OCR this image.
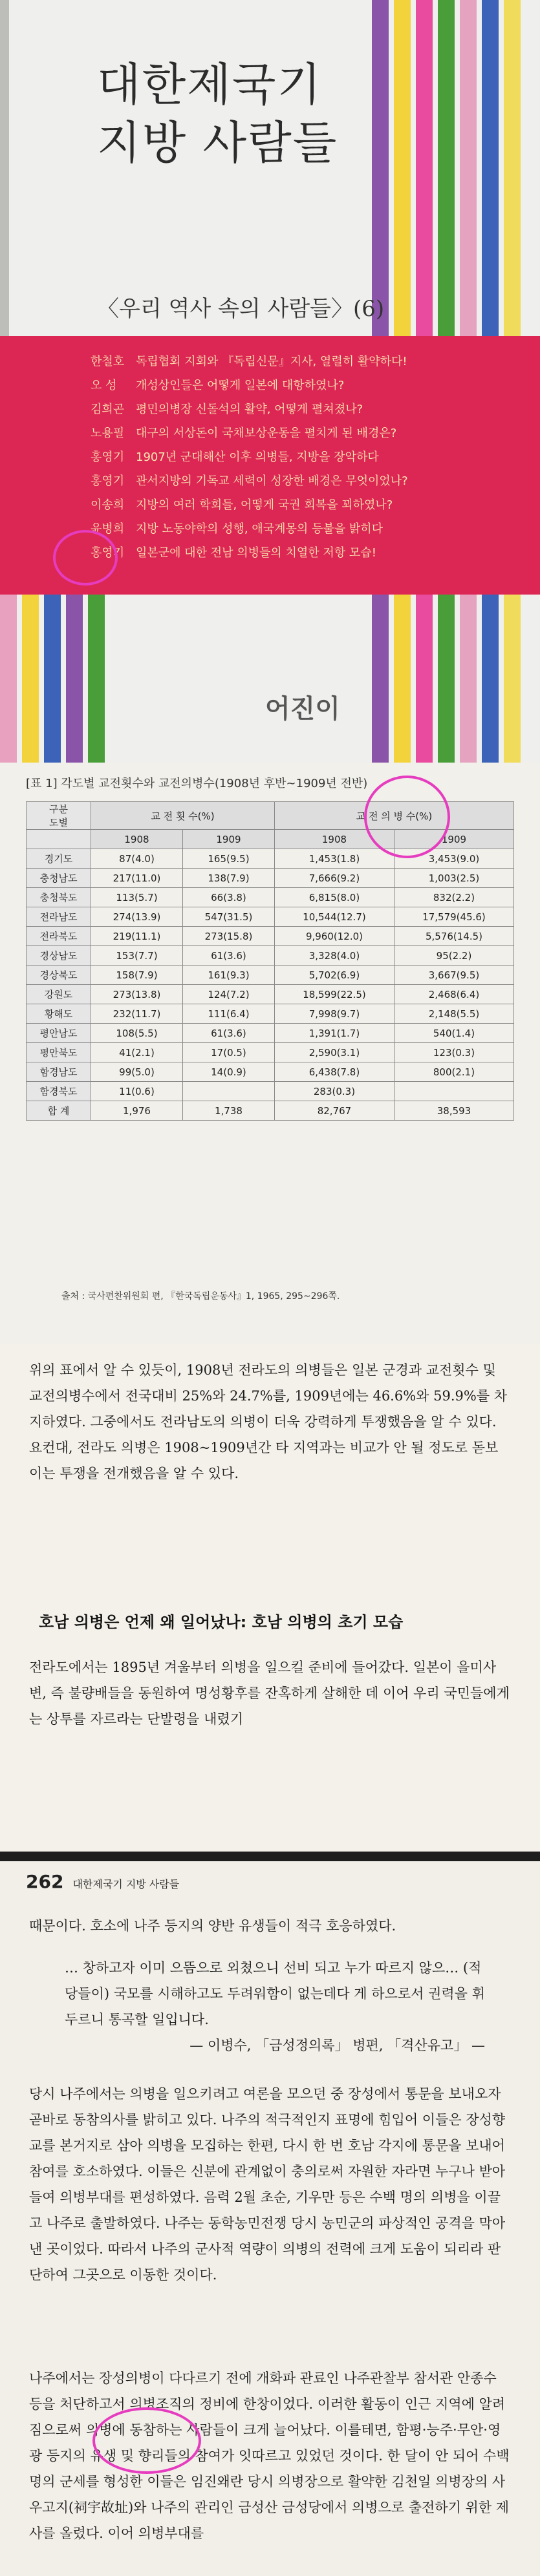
대한제국기
지방 사람들
〈우리 역사 속의 사람들〉(6)
한철호 독립협회 지회와 『독립신문』지사, 열렬히 활약하다!
오 성 개성상인들은 어떻게 일본에 대항하였나?
김희곤 평민의병장 신돌석의 활약, 어떻게 펼쳐졌나?
노용필 대구의 서상돈이 국채보상운동을 펼치게 된 배경은?
홍영기 1907년 군대해산 이후 의병들, 지방을 장악하다
홍영기 관서지방의 기독교 세력이 성장한 배경은 무엇이었나?
이송희 지방의 여러 학회들, 어떻게 국권 회복을 꾀하였나?
윤병희 지방 노동야학의 성행, 애국계몽의 등불을 밝히다
홍영기 일본군에 대한 전남 의병들의 치열한 저항 모습!
어진이
[표 1] 각도별 교전횟수와 교전의병수(1908년 후반~1909년 전반)
구분
도별	교 전 횟 수(%)		교 전 의 병 수(%)	
	1908	1909	1908	1909
경기도	87(4.0)	165(9.5)	1,453(1.8)	3,453(9.0)
충청남도	217(11.0)	138(7.9)	7,666(9.2)	1,003(2.5)
충청북도	113(5.7)	66(3.8)	6,815(8.0)	832(2.2)
전라남도	274(13.9)	547(31.5)	10,544(12.7)	17,579(45.6)
전라북도	219(11.1)	273(15.8)	9,960(12.0)	5,576(14.5)
경상남도	153(7.7)	61(3.6)	3,328(4.0)	95(2.2)
경상북도	158(7.9)	161(9.3)	5,702(6.9)	3,667(9.5)
강원도	273(13.8)	124(7.2)	18,599(22.5)	2,468(6.4)
황해도	232(11.7)	111(6.4)	7,998(9.7)	2,148(5.5)
평안남도	108(5.5)	61(3.6)	1,391(1.7)	540(1.4)
평안북도	41(2.1)	17(0.5)	2,590(3.1)	123(0.3)
함경남도	99(5.0)	14(0.9)	6,438(7.8)	800(2.1)
함경북도	11(0.6)		283(0.3)	
합 계	1,976	1,738	82,767	38,593
출처 : 국사편찬위원회 편, 『한국독립운동사』1, 1965, 295~296쪽.
위의 표에서 알 수 있듯이, 1908년 전라도의 의병들은 일본 군경과 교전횟수 및 교전의병수에서 전국대비 25%와 24.7%를, 1909년에는 46.6%와 59.9%를 차지하였다. 그중에서도 전라남도의 의병이 더욱 강력하게 투쟁했음을 알 수 있다. 요컨대, 전라도 의병은 1908~1909년간 타 지역과는 비교가 안 될 정도로 돋보이는 투쟁을 전개했음을 알 수 있다.
호남 의병은 언제 왜 일어났나: 호남 의병의 초기 모습
전라도에서는 1895년 겨울부터 의병을 일으킬 준비에 들어갔다. 일본이 을미사변, 즉 불량배들을 동원하여 명성황후를 잔혹하게 살해한 데 이어 우리 국민들에게는 상투를 자르라는 단발령을 내렸기
262 대한제국기 지방 사람들
때문이다. 호소에 나주 등지의 양반 유생들이 적극 호응하였다.
… 창하고자 이미 으뜸으로 외쳤으니 선비 되고 누가 따르지 않으… (적당들이) 국모를 시해하고도 두려워함이 없는데다 게 하으로서 권력을 휘두르니 통곡할 일입니다.
— 이병수, 「금성정의록」 병편, 「격산유고」 —
당시 나주에서는 의병을 일으키려고 여론을 모으던 중 장성에서 통문을 보내오자 곧바로 동참의사를 밝히고 있다. 나주의 적극적인지 표명에 힘입어 이들은 장성향교를 본거지로 삼아 의병을 모집하는 한편, 다시 한 번 호남 각지에 통문을 보내어 참여를 호소하였다. 이들은 신분에 관계없이 충의로써 자원한 자라면 누구나 받아들여 의병부대를 편성하였다. 음력 2월 초순, 기우만 등은 수백 명의 의병을 이끌고 나주로 출발하였다. 나주는 동학농민전쟁 당시 농민군의 파상적인 공격을 막아낸 곳이었다. 따라서 나주의 군사적 역량이 의병의 전력에 크게 도움이 되리라 판단하여 그곳으로 이동한 것이다.
나주에서는 장성의병이 다다르기 전에 개화파 관료인 나주관찰부 참서관 안종수 등을 처단하고서 의병조직의 정비에 한창이었다. 이러한 활동이 인근 지역에 알려짐으로써 의병에 동참하는 사람들이 크게 늘어났다. 이를테면, 함평·능주·무안·영광 등지의 유생 및 향리들의 참여가 잇따르고 있었던 것이다. 한 달이 안 되어 수백 명의 군세를 형성한 이들은 임진왜란 당시 의병장으로 활약한 김천일 의병장의 사우고지(祠宇故址)와 나주의 관리인 금성산 금성당에서 의병으로 출전하기 위한 제사를 올렸다. 이어 의병부대를
